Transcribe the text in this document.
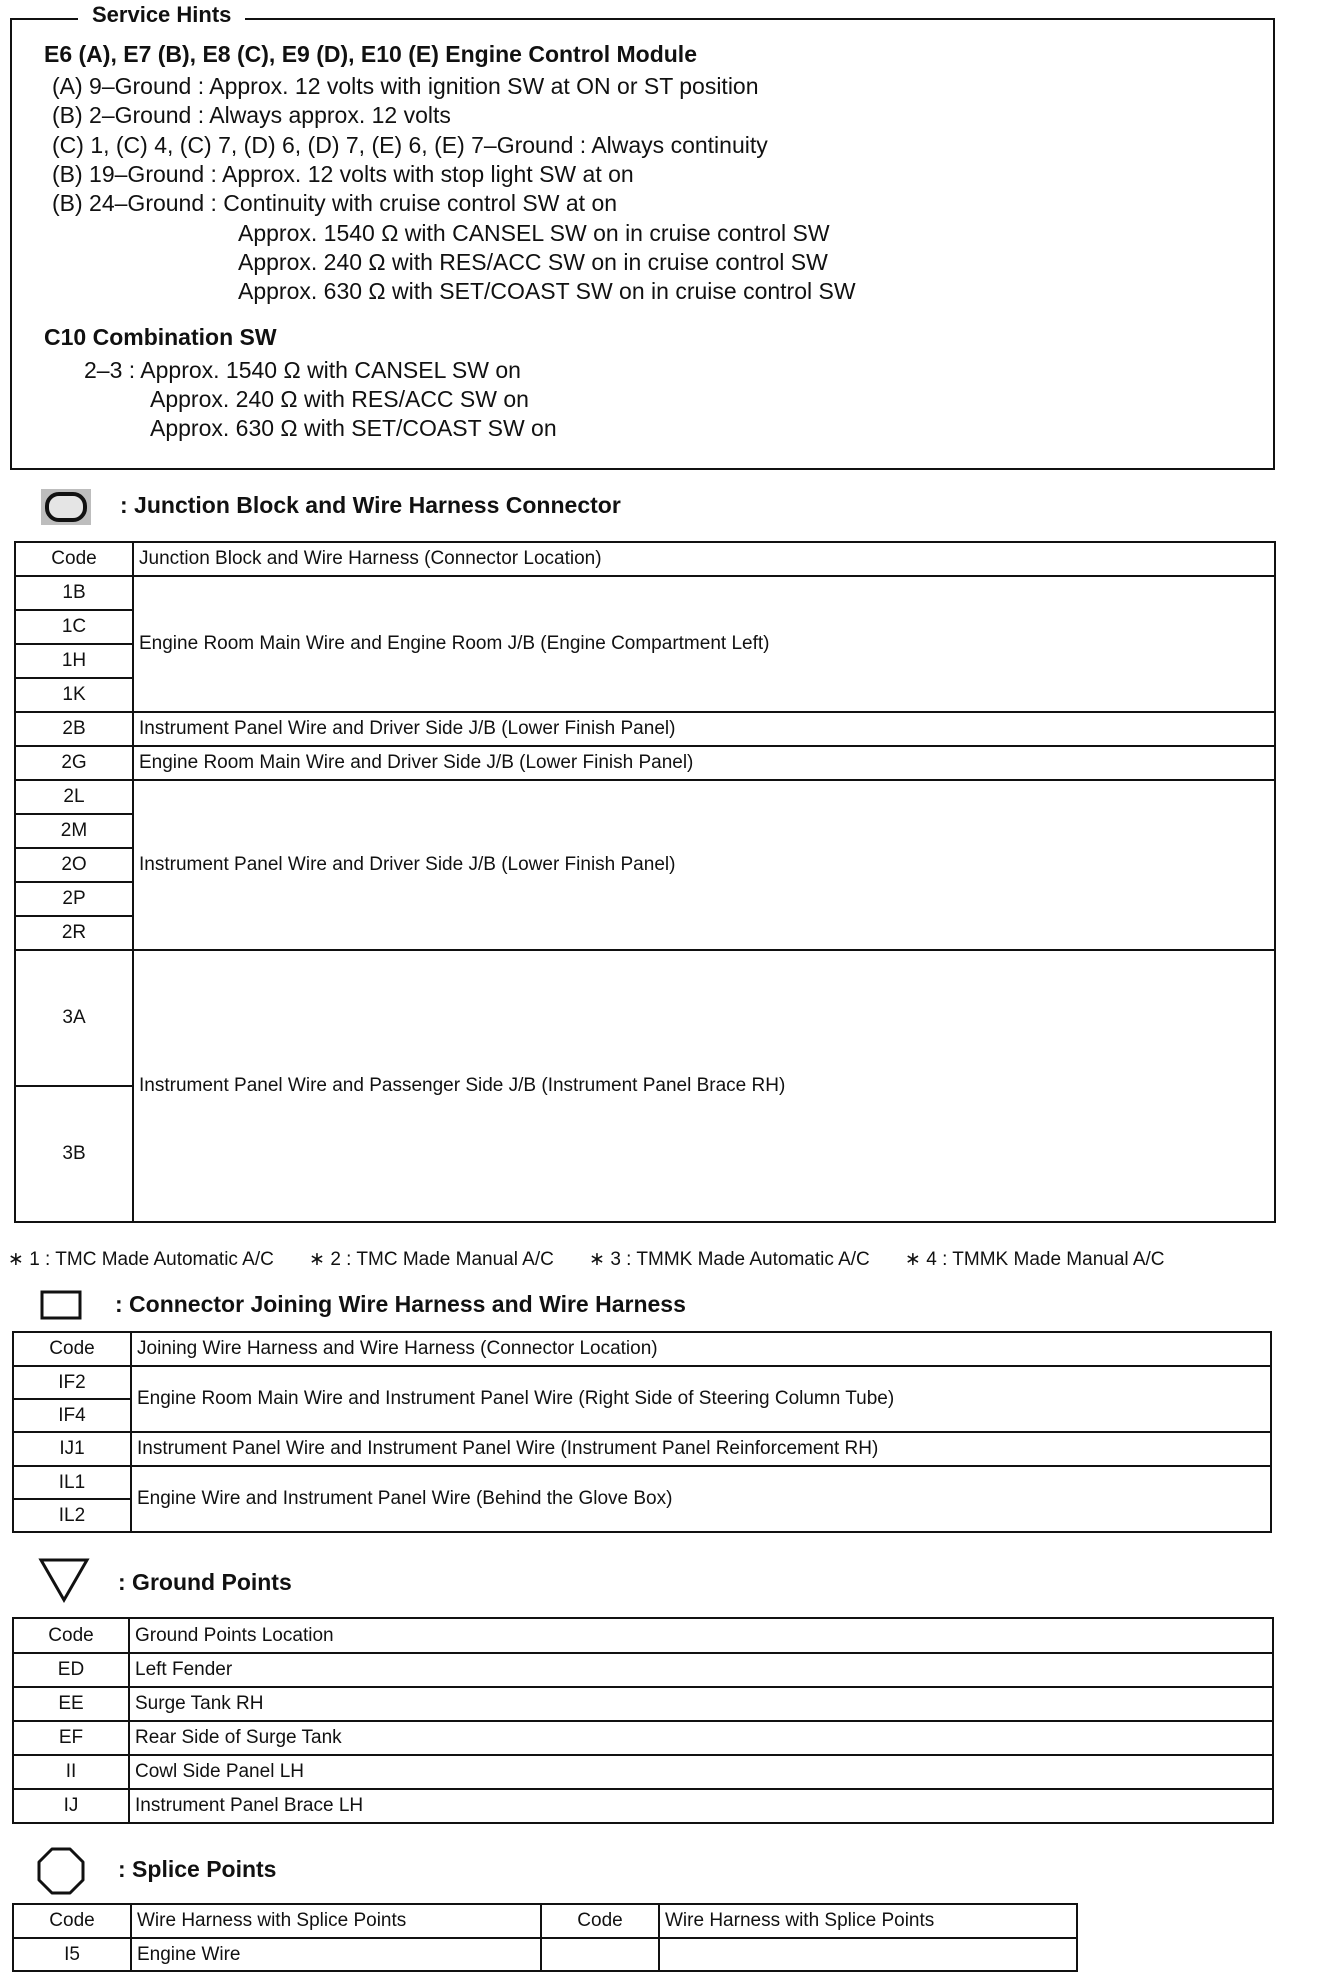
Service Hints
E6 (A), E7 (B), E8 (C), E9 (D), E10 (E) Engine Control Module
(A) 9–Ground : Approx. 12 volts with ignition SW at ON or ST position
(B) 2–Ground : Always approx. 12 volts
(C) 1, (C) 4, (C) 7, (D) 6, (D) 7, (E) 6, (E) 7–Ground : Always continuity
(B) 19–Ground : Approx. 12 volts with stop light SW at on
(B) 24–Ground : Continuity with cruise control SW at on
Approx. 1540 Ω with CANSEL SW on in cruise control SW
Approx. 240 Ω with RES/ACC SW on in cruise control SW
Approx. 630 Ω with SET/COAST SW on in cruise control SW
C10 Combination SW
2–3 : Approx. 1540 Ω with CANSEL SW on
Approx. 240 Ω with RES/ACC SW on
Approx. 630 Ω with SET/COAST SW on
: Junction Block and Wire Harness Connector
Code	Junction Block and Wire Harness (Connector Location)
1B	Engine Room Main Wire and Engine Room J/B (Engine Compartment Left)
1C	
1H	
1K	
2B	Instrument Panel Wire and Driver Side J/B (Lower Finish Panel)
2G	Engine Room Main Wire and Driver Side J/B (Lower Finish Panel)
2L	Instrument Panel Wire and Driver Side J/B (Lower Finish Panel)
2M	
2O	
2P	
2R	
3A	Instrument Panel Wire and Passenger Side J/B (Instrument Panel Brace RH)
3B	
∗ 1 : TMC Made Automatic A/C ∗ 2 : TMC Made Manual A/C ∗ 3 : TMMK Made Automatic A/C ∗ 4 : TMMK Made Manual A/C
: Connector Joining Wire Harness and Wire Harness
Code	Joining Wire Harness and Wire Harness (Connector Location)
IF2	Engine Room Main Wire and Instrument Panel Wire (Right Side of Steering Column Tube)
IF4	
IJ1	Instrument Panel Wire and Instrument Panel Wire (Instrument Panel Reinforcement RH)
IL1	Engine Wire and Instrument Panel Wire (Behind the Glove Box)
IL2	
: Ground Points
Code	Ground Points Location
ED	Left Fender
EE	Surge Tank RH
EF	Rear Side of Surge Tank
II	Cowl Side Panel LH
IJ	Instrument Panel Brace LH
: Splice Points
Code	Wire Harness with Splice Points	Code	Wire Harness with Splice Points
I5	Engine Wire		
